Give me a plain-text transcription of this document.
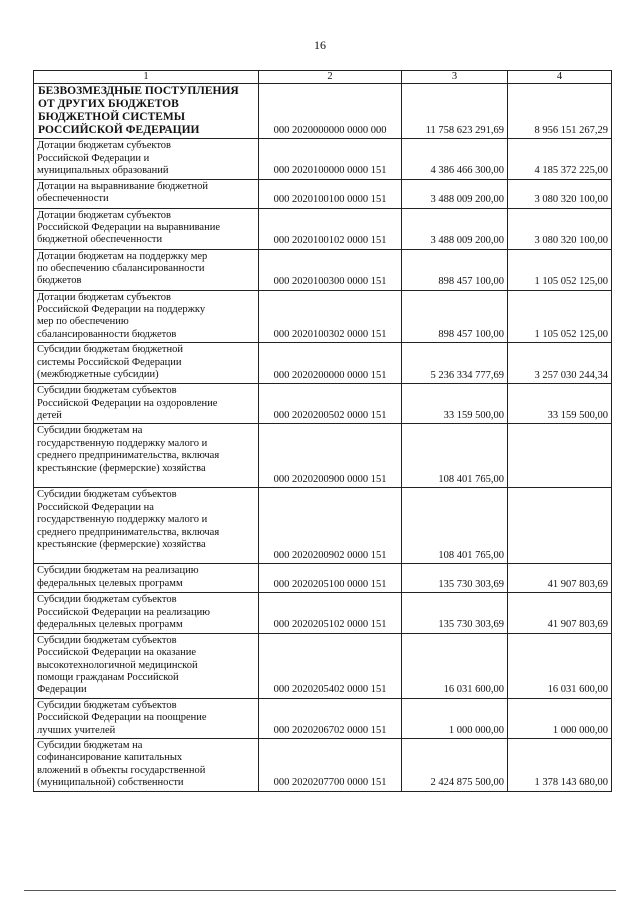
16
1	2	3	4
БЕЗВОЗМЕЗДНЫЕ ПОСТУПЛЕНИЯ
ОТ ДРУГИХ БЮДЖЕТОВ
БЮДЖЕТНОЙ СИСТЕМЫ
РОССИЙСКОЙ ФЕДЕРАЦИИ	000 2020000000 0000 000	11 758 623 291,69	8 956 151 267,29
Дотации бюджетам субъектов
Российской Федерации и
муниципальных образований	000 2020100000 0000 151	4 386 466 300,00	4 185 372 225,00
Дотации на выравнивание бюджетной
обеспеченности	000 2020100100 0000 151	3 488 009 200,00	3 080 320 100,00
Дотации бюджетам субъектов
Российской Федерации на выравнивание
бюджетной обеспеченности	000 2020100102 0000 151	3 488 009 200,00	3 080 320 100,00
Дотации бюджетам на поддержку мер
по обеспечению сбалансированности
бюджетов	000 2020100300 0000 151	898 457 100,00	1 105 052 125,00
Дотации бюджетам субъектов
Российской Федерации на поддержку
мер по обеспечению
сбалансированности бюджетов	000 2020100302 0000 151	898 457 100,00	1 105 052 125,00
Субсидии бюджетам бюджетной
системы Российской Федерации
(межбюджетные субсидии)	000 2020200000 0000 151	5 236 334 777,69	3 257 030 244,34
Субсидии бюджетам субъектов
Российской Федерации на оздоровление
детей	000 2020200502 0000 151	33 159 500,00	33 159 500,00
Субсидии бюджетам на
государственную поддержку малого и
среднего предпринимательства, включая
крестьянские (фермерские) хозяйства	000 2020200900 0000 151	108 401 765,00	
Субсидии бюджетам субъектов
Российской Федерации на
государственную поддержку малого и
среднего предпринимательства, включая
крестьянские (фермерские) хозяйства	000 2020200902 0000 151	108 401 765,00	
Субсидии бюджетам на реализацию
федеральных целевых программ	000 2020205100 0000 151	135 730 303,69	41 907 803,69
Субсидии бюджетам субъектов
Российской Федерации на реализацию
федеральных целевых программ	000 2020205102 0000 151	135 730 303,69	41 907 803,69
Субсидии бюджетам субъектов
Российской Федерации на оказание
высокотехнологичной медицинской
помощи гражданам Российской
Федерации	000 2020205402 0000 151	16 031 600,00	16 031 600,00
Субсидии бюджетам субъектов
Российской Федерации на поощрение
лучших учителей	000 2020206702 0000 151	1 000 000,00	1 000 000,00
Субсидии бюджетам на
софинансирование капитальных
вложений в объекты государственной
(муниципальной) собственности	000 2020207700 0000 151	2 424 875 500,00	1 378 143 680,00
